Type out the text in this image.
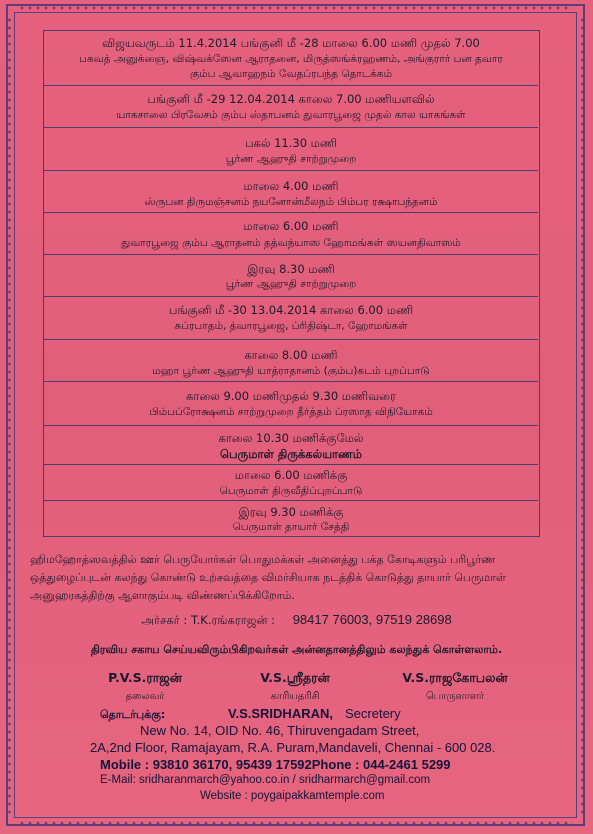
விஜயவருடம் 11.4.2014 பங்குனி மீ -28 மாலை 6.00 மணி முதல் 7.00
பகவத் அனுக்ஞை, விஷ்வக்ஸேன ஆராதனை, மிருத்ஸங்க்ரஹணம், அங்குரார் பன தவார
கும்ப ஆவாஹநம் வேதப்ரபந்த தொடக்கம்
பங்குனி மீ -29 12.04.2014 காலை 7.00 மணியளவில்
யாகசாலை பிரவேசம் கும்ப ஸ்தாபனம் துவாரபூஜை முதல் கால யாகங்கள்
பகல் 11.30 மணி
பூர்ண ஆஹுதி சாற்றுமுறை
மாலை 4.00 மணி
ஸ்ருபன திருமஞ்சனம் நயனோன்மீலநம் பிம்பர ரக்ஷாபந்தனம்
மாலை 6.00 மணி
துவாரபூஜை கும்ப ஆராதனம் தத்வந்யாஸ ஹோமங்கள் ஸயனதிவாஸம்
இரவு 8.30 மணி
பூர்ண ஆஹுதி சாற்றுமுறை
பங்குனி மீ -30 13.04.2014 காலை 6.00 மணி
சுப்ரபாதம், த்வாரபூஜை, ப்ரிதிஷ்டா, ஹோமங்கள்
காலை 8.00 மணி
மஹா பூர்ண ஆஹுதி யாத்ராதானம் (கும்ப)கடம் புறப்பாடு
காலை 9.00 மணிமுதல் 9.30 மணிவரை
பிம்பப்ரோக்ஷனம் சாற்றுமுறை தீர்த்தம் ப்ரஸாத விநியோகம்
காலை 10.30 மணிக்குமேல்
பெருமாள் திருக்கல்யாணம்
மாலை 6.00 மணிக்கு
பெருமாள் திருவீதிப்புறப்பாடு
இரவு 9.30 மணிக்கு
பெருமாள் தாயார் சேத்தி
ஹிமஹோத்ஸவத்தில் ஊர் பெருயோர்கள் பொதுமக்கள் அனைத்து பக்த கோடிகளும் பரிபூர்ண
ஒத்துழைப்புடன் கலந்து கொண்டு உற்சவத்தை விமர்சியாக நடத்திக் கொடுத்து தாயார் பெருமாள்
அனுஹரகத்திற்கு ஆளாகும்படி விண்ணப்பிக்கிறோம்.
அர்சகர் : T.K.ரங்கராஜன் : 98417 76003, 97519 28698
திரவிய சகாய செய்யவிரும்பிகிறவர்கள் அன்னதானத்திலும் கலந்துக் கொள்ளலாம்.
P.V.S.ராஜன்
தலைவர்
V.S.ஸ்ரீதரன்
காரியதரிசி
V.S.ராஜகோபலன்
பொருளாளர்
தொடர்புக்கு:	V.S.SRIDHARAN, Secretery
New No. 14, OID No. 46, Thiruvengadam Street,
2A,2nd Floor, Ramajayam, R.A. Puram,Mandaveli, Chennai - 600 028.
Mobile : 93810 36170, 95439 17592Phone : 044-2461 5299
E-Mail: sridharanmarch@yahoo.co.in / sridharmarch@gmail.com
Website : poygaipakkamtemple.com
